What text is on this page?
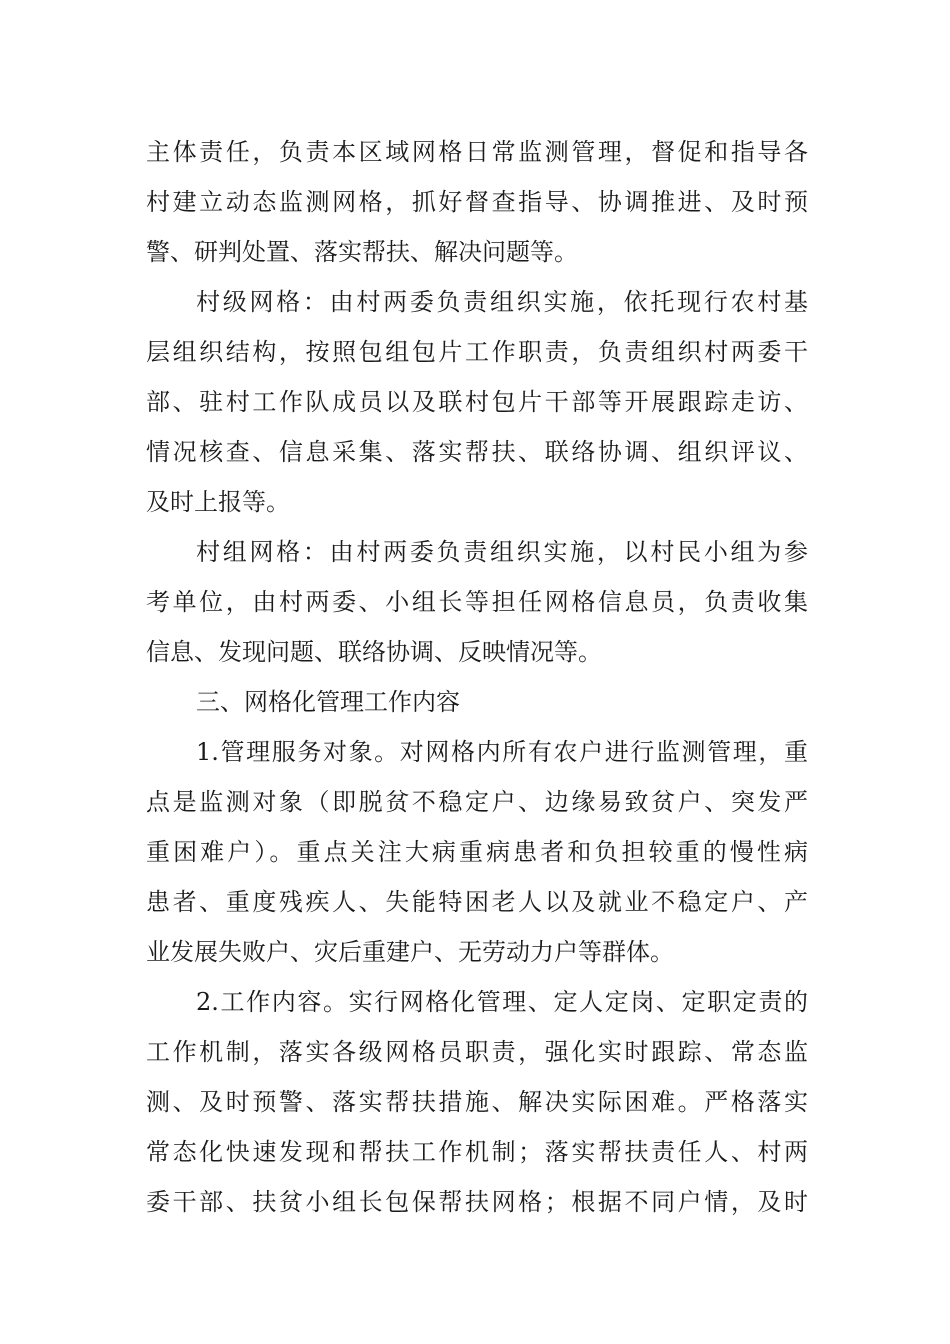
主体责任，负责本区域网格日常监测管理，督促和指导各
村建立动态监测网格，抓好督查指导、协调推进、及时预
警、研判处置、落实帮扶、解决问题等。
村级网格：由村两委负责组织实施，依托现行农村基
层组织结构，按照包组包片工作职责，负责组织村两委干
部、驻村工作队成员以及联村包片干部等开展跟踪走访、
情况核查、信息采集、落实帮扶、联络协调、组织评议、
及时上报等。
村组网格：由村两委负责组织实施，以村民小组为参
考单位，由村两委、小组长等担任网格信息员，负责收集
信息、发现问题、联络协调、反映情况等。
三、网格化管理工作内容
1.管理服务对象。对网格内所有农户进行监测管理，重
点是监测对象（即脱贫不稳定户、边缘易致贫户、突发严
重困难户）。重点关注大病重病患者和负担较重的慢性病
患者、重度残疾人、失能特困老人以及就业不稳定户、产
业发展失败户、灾后重建户、无劳动力户等群体。
2.工作内容。实行网格化管理、定人定岗、定职定责的
工作机制，落实各级网格员职责，强化实时跟踪、常态监
测、及时预警、落实帮扶措施、解决实际困难。严格落实
常态化快速发现和帮扶工作机制；落实帮扶责任人、村两
委干部、扶贫小组长包保帮扶网格；根据不同户情，及时
